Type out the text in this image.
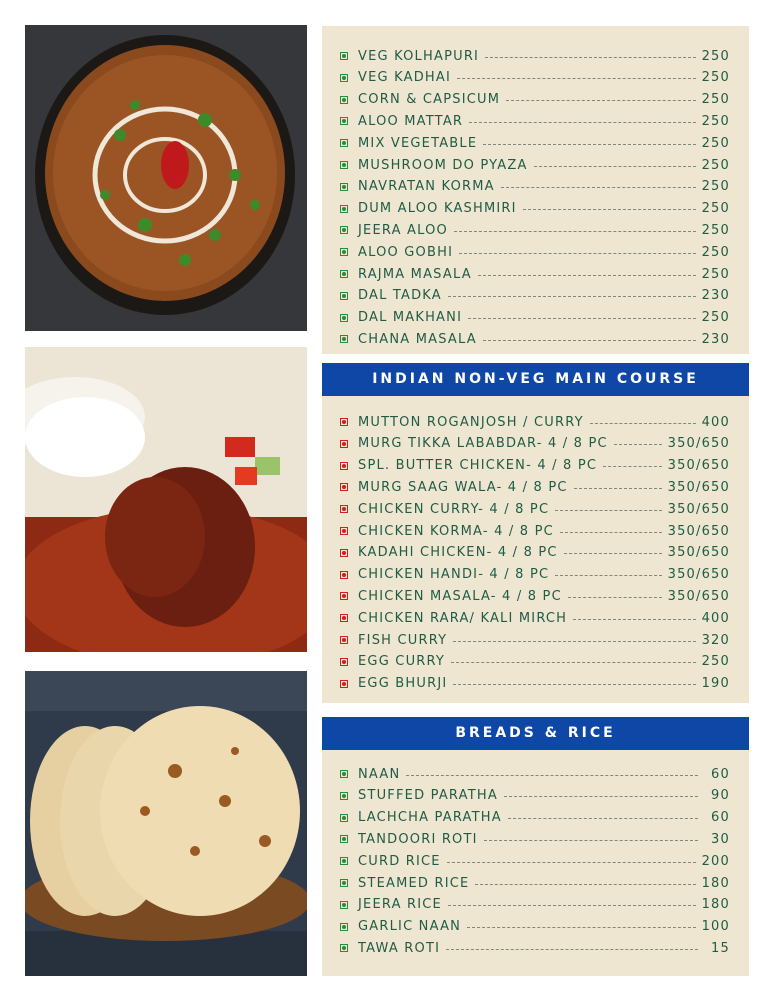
VEG KOLHAPURI	250
VEG KADHAI	250
CORN & CAPSICUM	250
ALOO MATTAR	250
MIX VEGETABLE	250
MUSHROOM DO PYAZA	250
NAVRATAN KORMA	250
DUM ALOO KASHMIRI	250
JEERA ALOO	250
ALOO GOBHI	250
RAJMA MASALA	250
DAL TADKA	230
DAL MAKHANI	250
CHANA MASALA	230
INDIAN NON-VEG MAIN COURSE
MUTTON ROGANJOSH / CURRY	400
MURG TIKKA LABABDAR- 4 / 8 PC	350/650
SPL. BUTTER CHICKEN- 4 / 8 PC	350/650
MURG SAAG WALA- 4 / 8 PC	350/650
CHICKEN CURRY- 4 / 8 PC	350/650
CHICKEN KORMA- 4 / 8 PC	350/650
KADAHI CHICKEN- 4 / 8 PC	350/650
CHICKEN HANDI- 4 / 8 PC	350/650
CHICKEN MASALA- 4 / 8 PC	350/650
CHICKEN RARA/ KALI MIRCH	400
FISH CURRY	320
EGG CURRY	250
EGG BHURJI	190
BREADS & RICE
NAAN	60
STUFFED PARATHA	90
LACHCHA PARATHA	60
TANDOORI ROTI	30
CURD RICE	200
STEAMED RICE	180
JEERA RICE	180
GARLIC NAAN	100
TAWA ROTI	15
